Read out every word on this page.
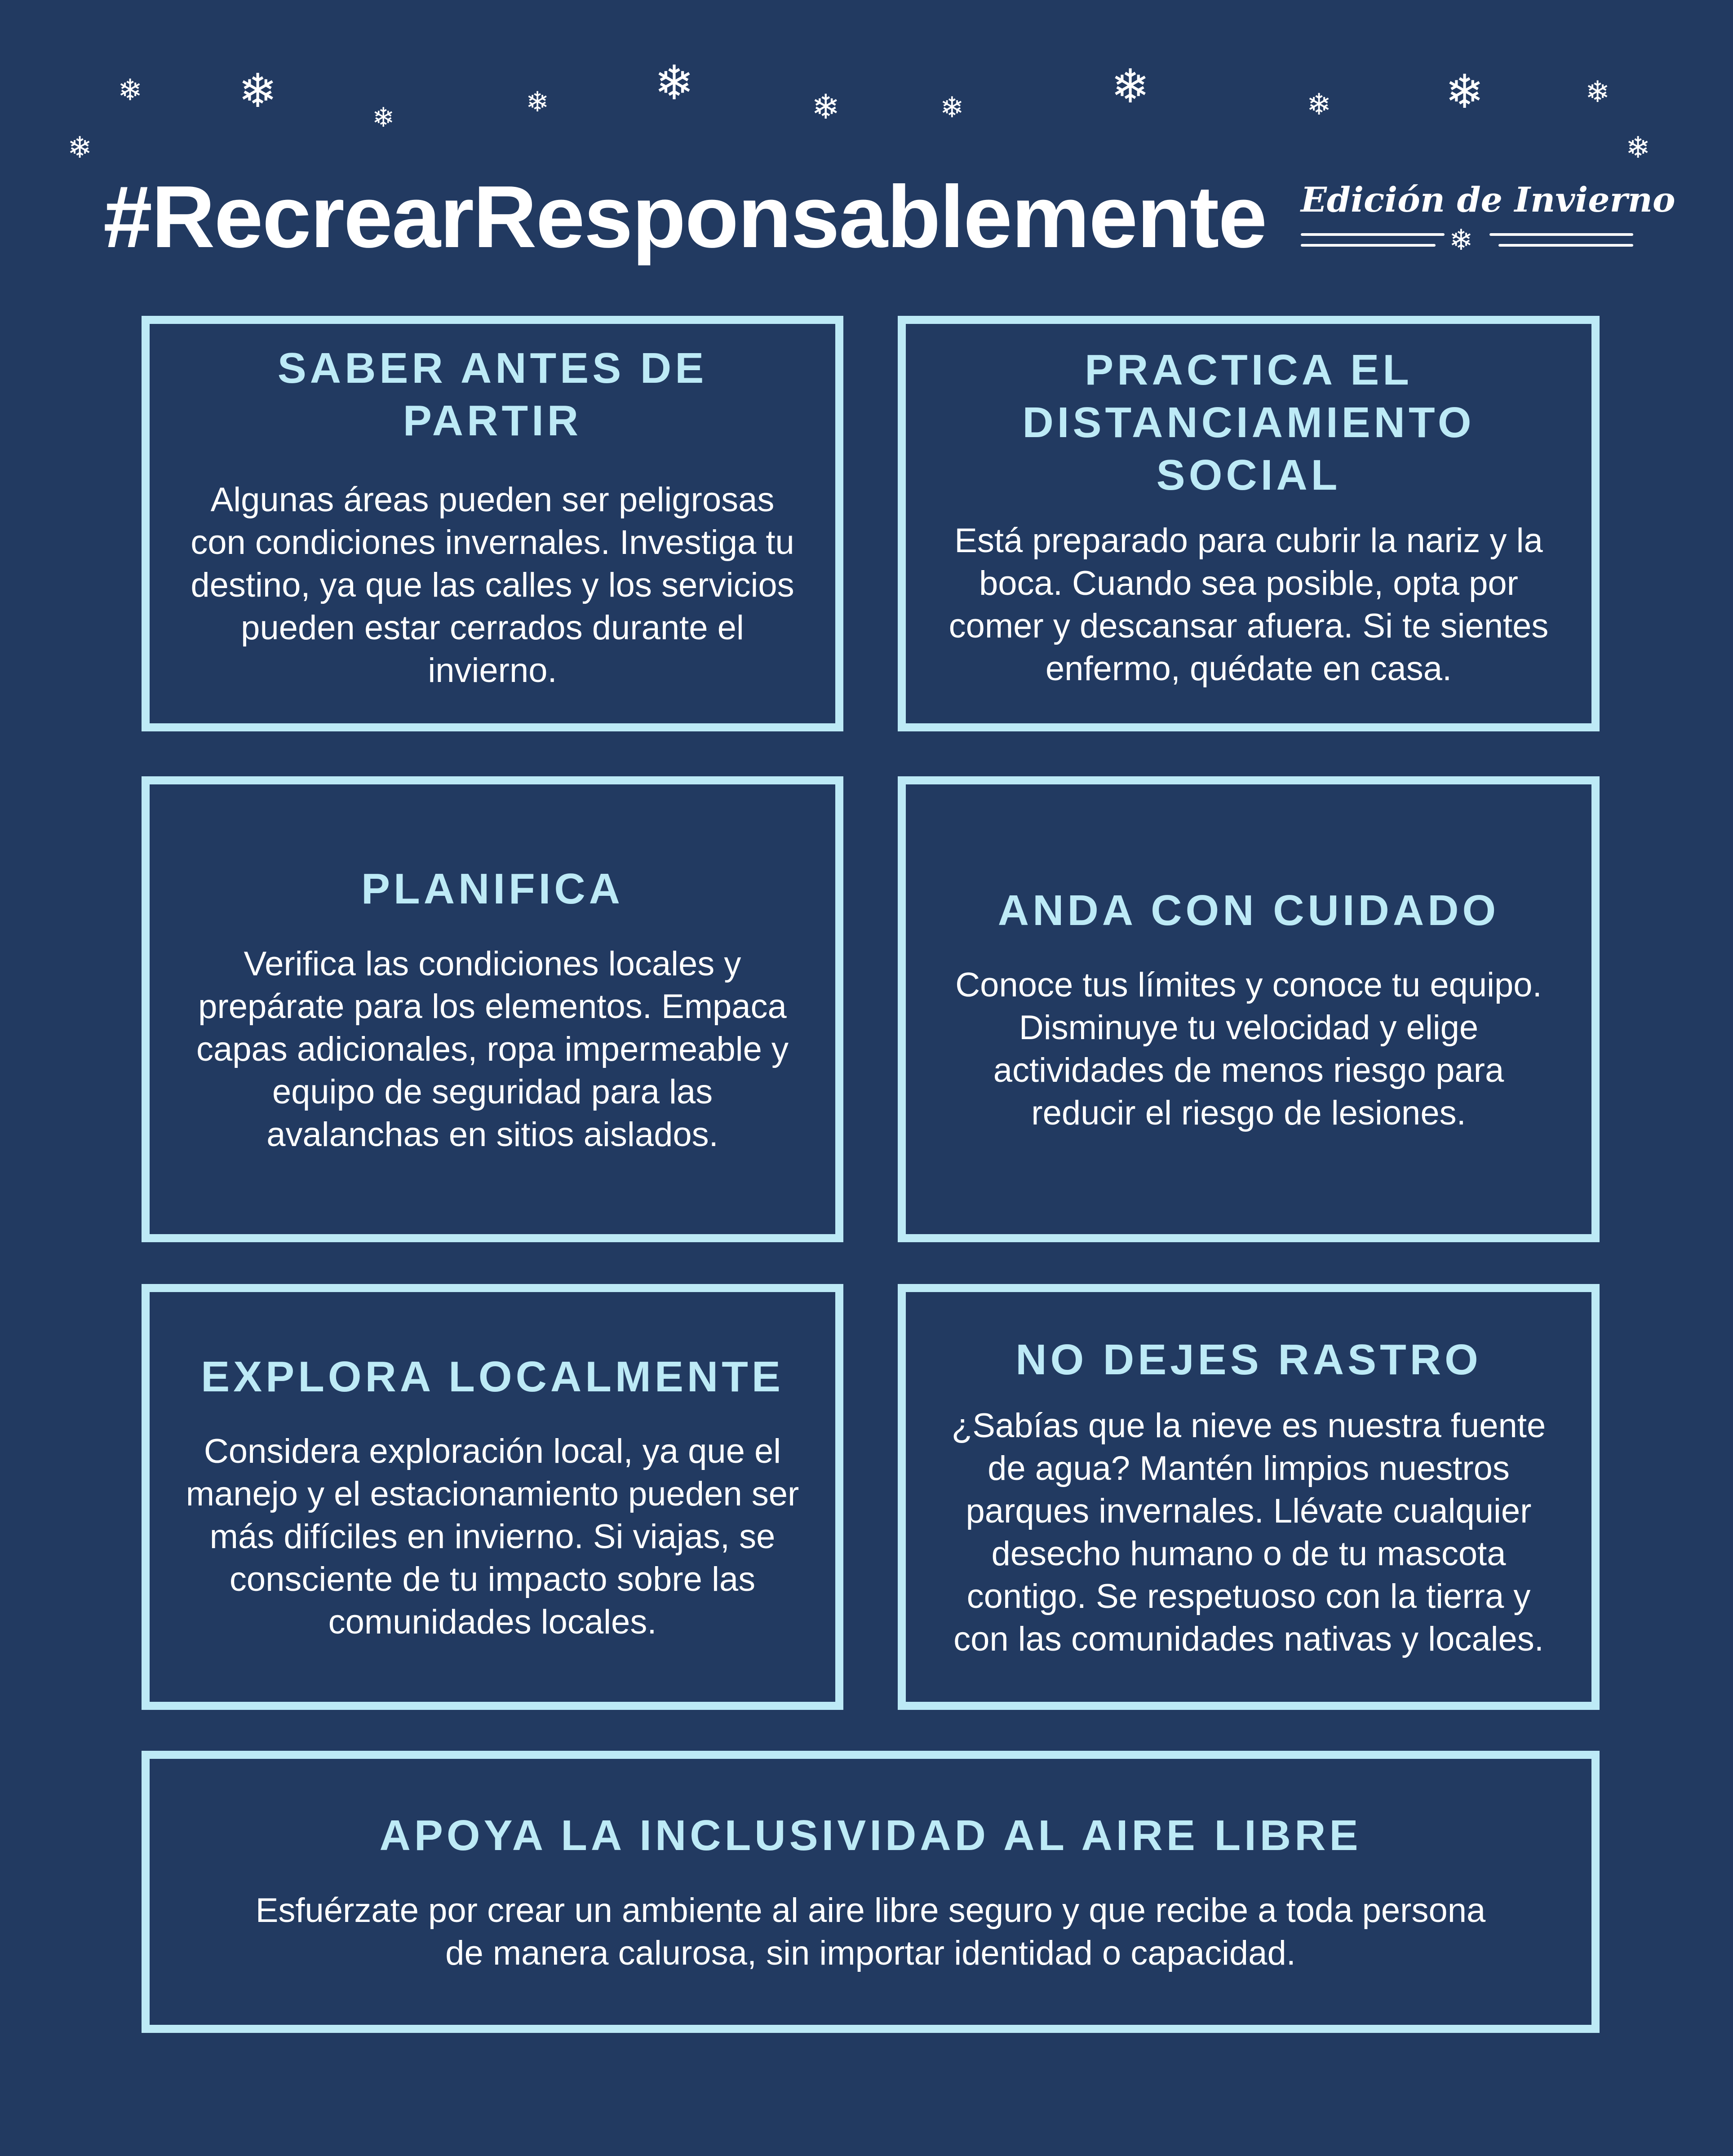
❄ ❄	❄	❄ ❄	❄	❄	❄	❄ ❄	❄
❄
❄
#RecrearResponsablemente Edición de Invierno
❄
SABER ANTES DE PARTIR

Algunas áreas pueden ser peligrosas con condiciones invernales. Investiga tu destino, ya que las calles y los servicios pueden estar cerrados durante el invierno.

PRACTICA EL DISTANCIAMIENTO SOCIAL

Está preparado para cubrir la nariz y la boca. Cuando sea posible, opta por comer y descansar afuera. Si te sientes enfermo, quédate en casa.

PLANIFICA

Verifica las condiciones locales y prepárate para los elementos. Empaca capas adicionales, ropa impermeable y equipo de seguridad para las avalanchas en sitios aislados.

ANDA CON CUIDADO

Conoce tus límites y conoce tu equipo. Disminuye tu velocidad y elige actividades de menos riesgo para reducir el riesgo de lesiones.

EXPLORA LOCALMENTE

Considera exploración local, ya que el manejo y el estacionamiento pueden ser más difíciles en invierno. Si viajas, se consciente de tu impacto sobre las comunidades locales.

NO DEJES RASTRO

¿Sabías que la nieve es nuestra fuente de agua? Mantén limpios nuestros parques invernales. Llévate cualquier desecho humano o de tu mascota contigo. Se respetuoso con la tierra y con las comunidades nativas y locales.

APOYA LA INCLUSIVIDAD AL AIRE LIBRE

Esfuérzate por crear un ambiente al aire libre seguro y que recibe a toda persona de manera calurosa, sin importar identidad o capacidad.
